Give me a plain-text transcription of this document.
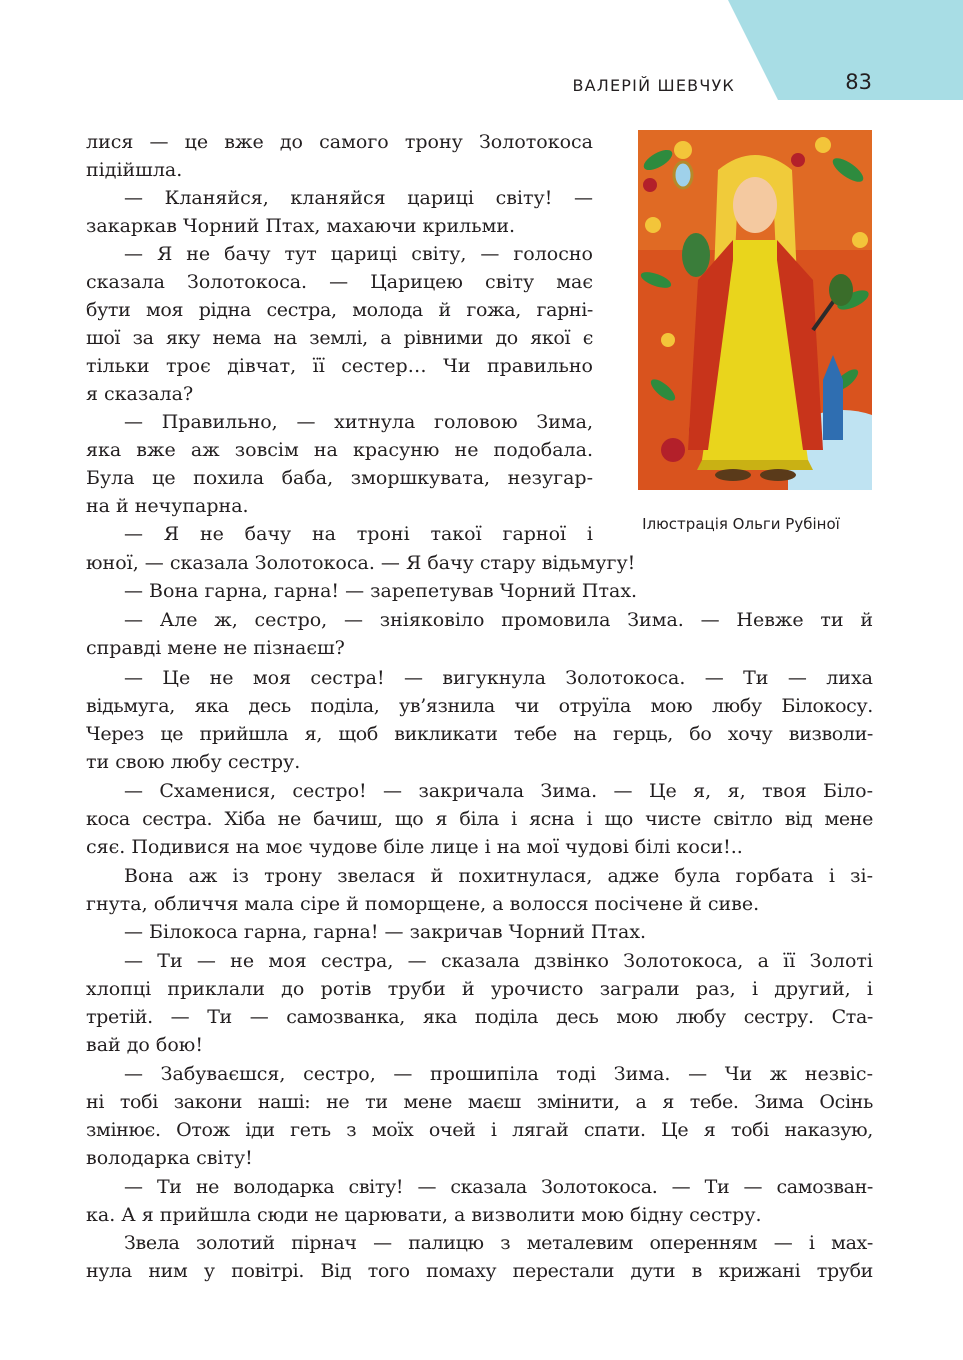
ВАЛЕРІЙ ШЕВЧУК	83
Ілюстрація Ольги Рубіної
лися — це вже до самого трону Золотокоса
підійшла.
— Кланяйся, кланяйся цариці світу! —
закаркав Чорний Птах, махаючи крильми.
— Я не бачу тут цариці світу, — голосно
сказала Золотокоса. — Царицею світу має
бути моя рідна сестра, молода й гожа, гарні-
шої за яку нема на землі, а рівними до якої є
тільки троє дівчат, її сестер… Чи правильно
я сказала?
— Правильно, — хитнула головою Зима,
яка вже аж зовсім на красуню не подобала.
Була це похила баба, зморшкувата, незугар-
на й нечупарна.
— Я не бачу на троні такої гарної і
юної, — сказала Золотокоса. — Я бачу стару відьмугу!
— Вона гарна, гарна! — зарепетував Чорний Птах.
— Але ж, сестро, — зніяковіло промовила Зима. — Невже ти й
справді мене не пізнаєш?
— Це не моя сестра! — вигукнула Золотокоса. — Ти — лиха
відьмуга, яка десь поділа, ув’язнила чи отруїла мою любу Білокосу.
Через це прийшла я, щоб викликати тебе на герць, бо хочу визволи-
ти свою любу сестру.
— Схаменися, сестро! — закричала Зима. — Це я, я, твоя Біло-
коса сестра. Хіба не бачиш, що я біла і ясна і що чисте світло від мене
сяє. Подивися на моє чудове біле лице і на мої чудові білі коси!..
Вона аж із трону звелася й похитнулася, адже була горбата і зі-
гнута, обличчя мала сіре й поморщене, а волосся посічене й сиве.
— Білокоса гарна, гарна! — закричав Чорний Птах.
— Ти — не моя сестра, — сказала дзвінко Золотокоса, а її Золоті
хлопці приклали до ротів труби й урочисто заграли раз, і другий, і
третій. — Ти — самозванка, яка поділа десь мою любу сестру. Ста-
вай до бою!
— Забуваєшся, сестро, — прошипіла тоді Зима. — Чи ж незвіс-
ні тобі закони наші: не ти мене маєш змінити, а я тебе. Зима Осінь
змінює. Отож іди геть з моїх очей і лягай спати. Це я тобі наказую,
володарка світу!
— Ти не володарка світу! — сказала Золотокоса. — Ти — самозван-
ка. А я прийшла сюди не царювати, а визволити мою бідну сестру.
Звела золотий пірнач — палицю з металевим опеpенням — і мах-
нула ним у повітрі. Від того помаху перестали дути в крижані труби
